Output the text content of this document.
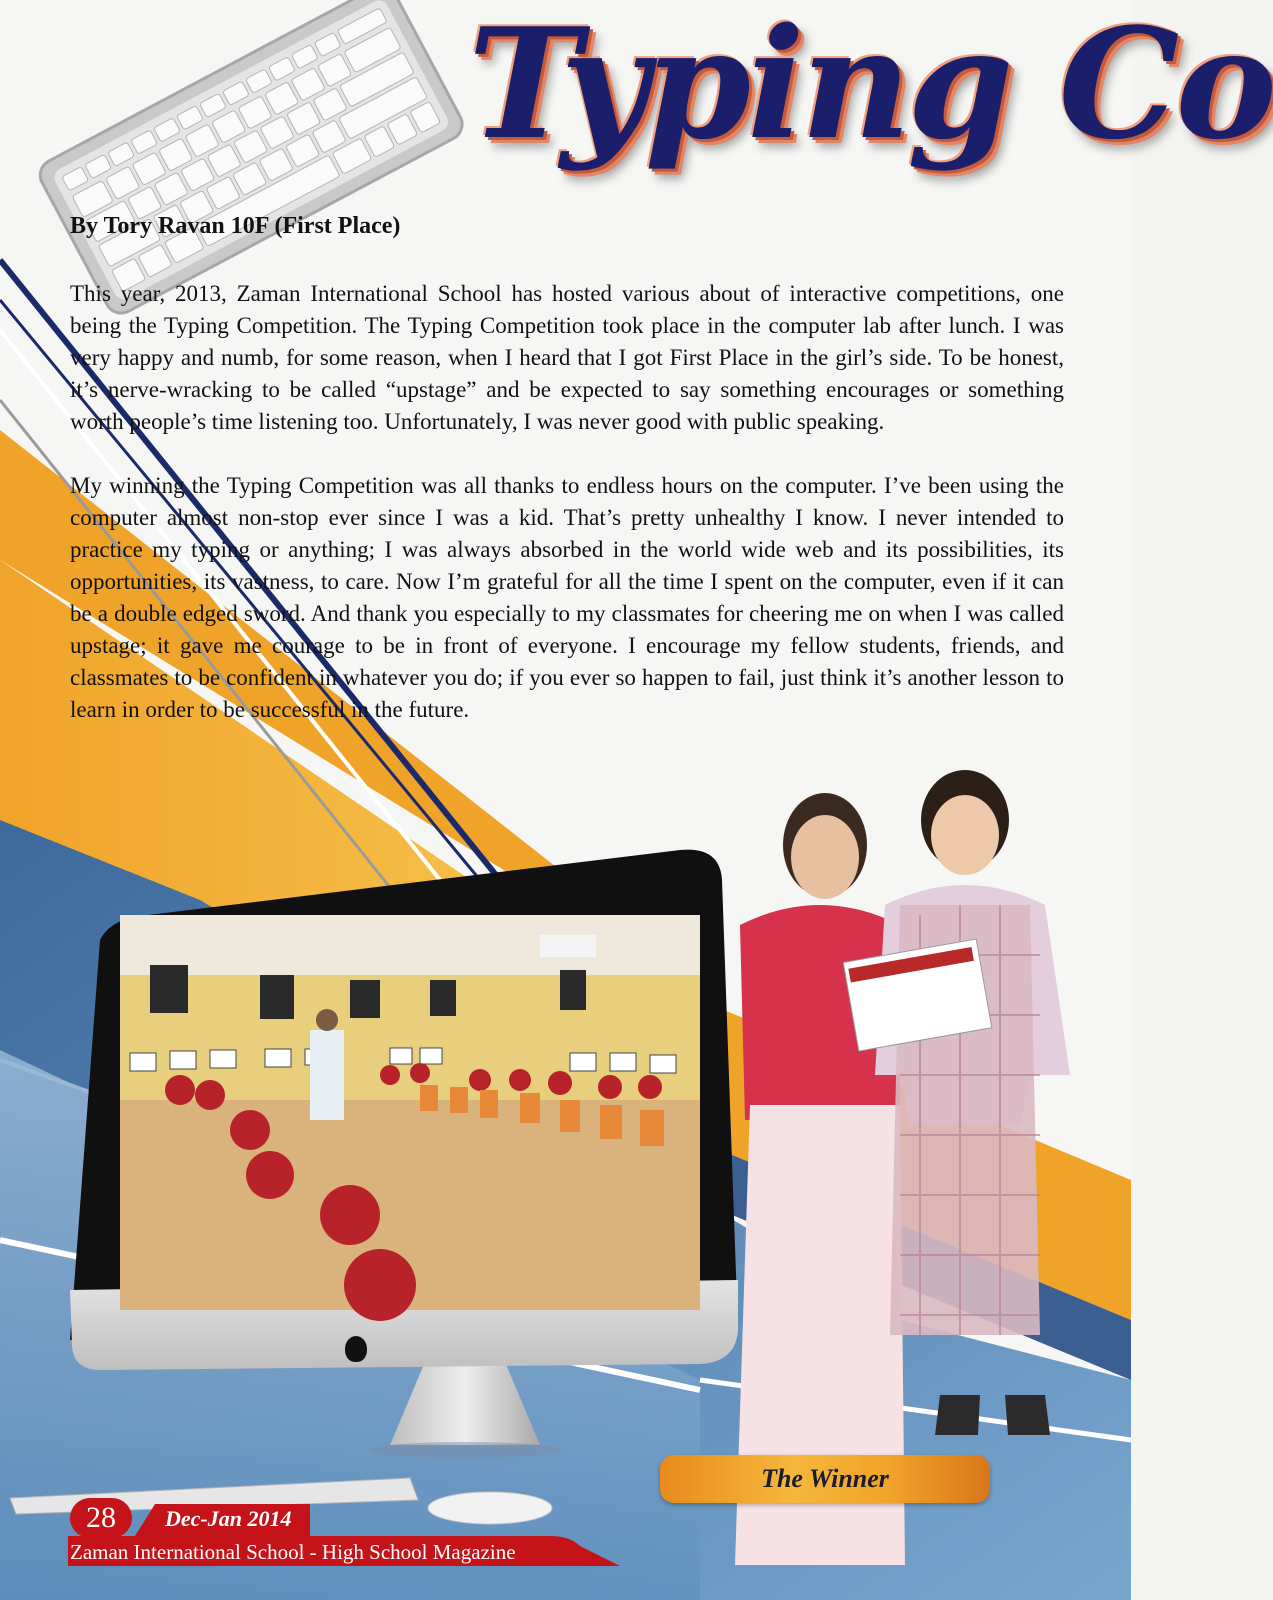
Typing Co
By Tory Ravan 10F (First Place)

This year, 2013, Zaman International School has hosted various about of interactive competitions, one being the Typing Competition. The Typing Competition took place in the computer lab after lunch. I was very happy and numb, for some reason, when I heard that I got First Place in the girl’s side. To be honest, it’s nerve-wracking to be called “upstage” and be expected to say something encourages or something worth people’s time listening too. Unfortunately, I was never good with public speaking.

My winning the Typing Competition was all thanks to endless hours on the computer. I’ve been using the computer almost non-stop ever since I was a kid. That’s pretty unhealthy I know. I never intended to practice my typing or anything; I was always absorbed in the world wide web and its possibilities, its opportunities, its vastness, to care. Now I’m grateful for all the time I spent on the computer, even if it can be a double edged sword. And thank you especially to my classmates for cheering me on when I was called upstage; it gave me courage to be in front of everyone. I encourage my fellow students, friends, and classmates to be confident in whatever you do; if you ever so happen to fail, just think it’s another lesson to learn in order to be successful in the future.

The Winner
28	Dec-Jan 2014
Zaman International School - High School Magazine
